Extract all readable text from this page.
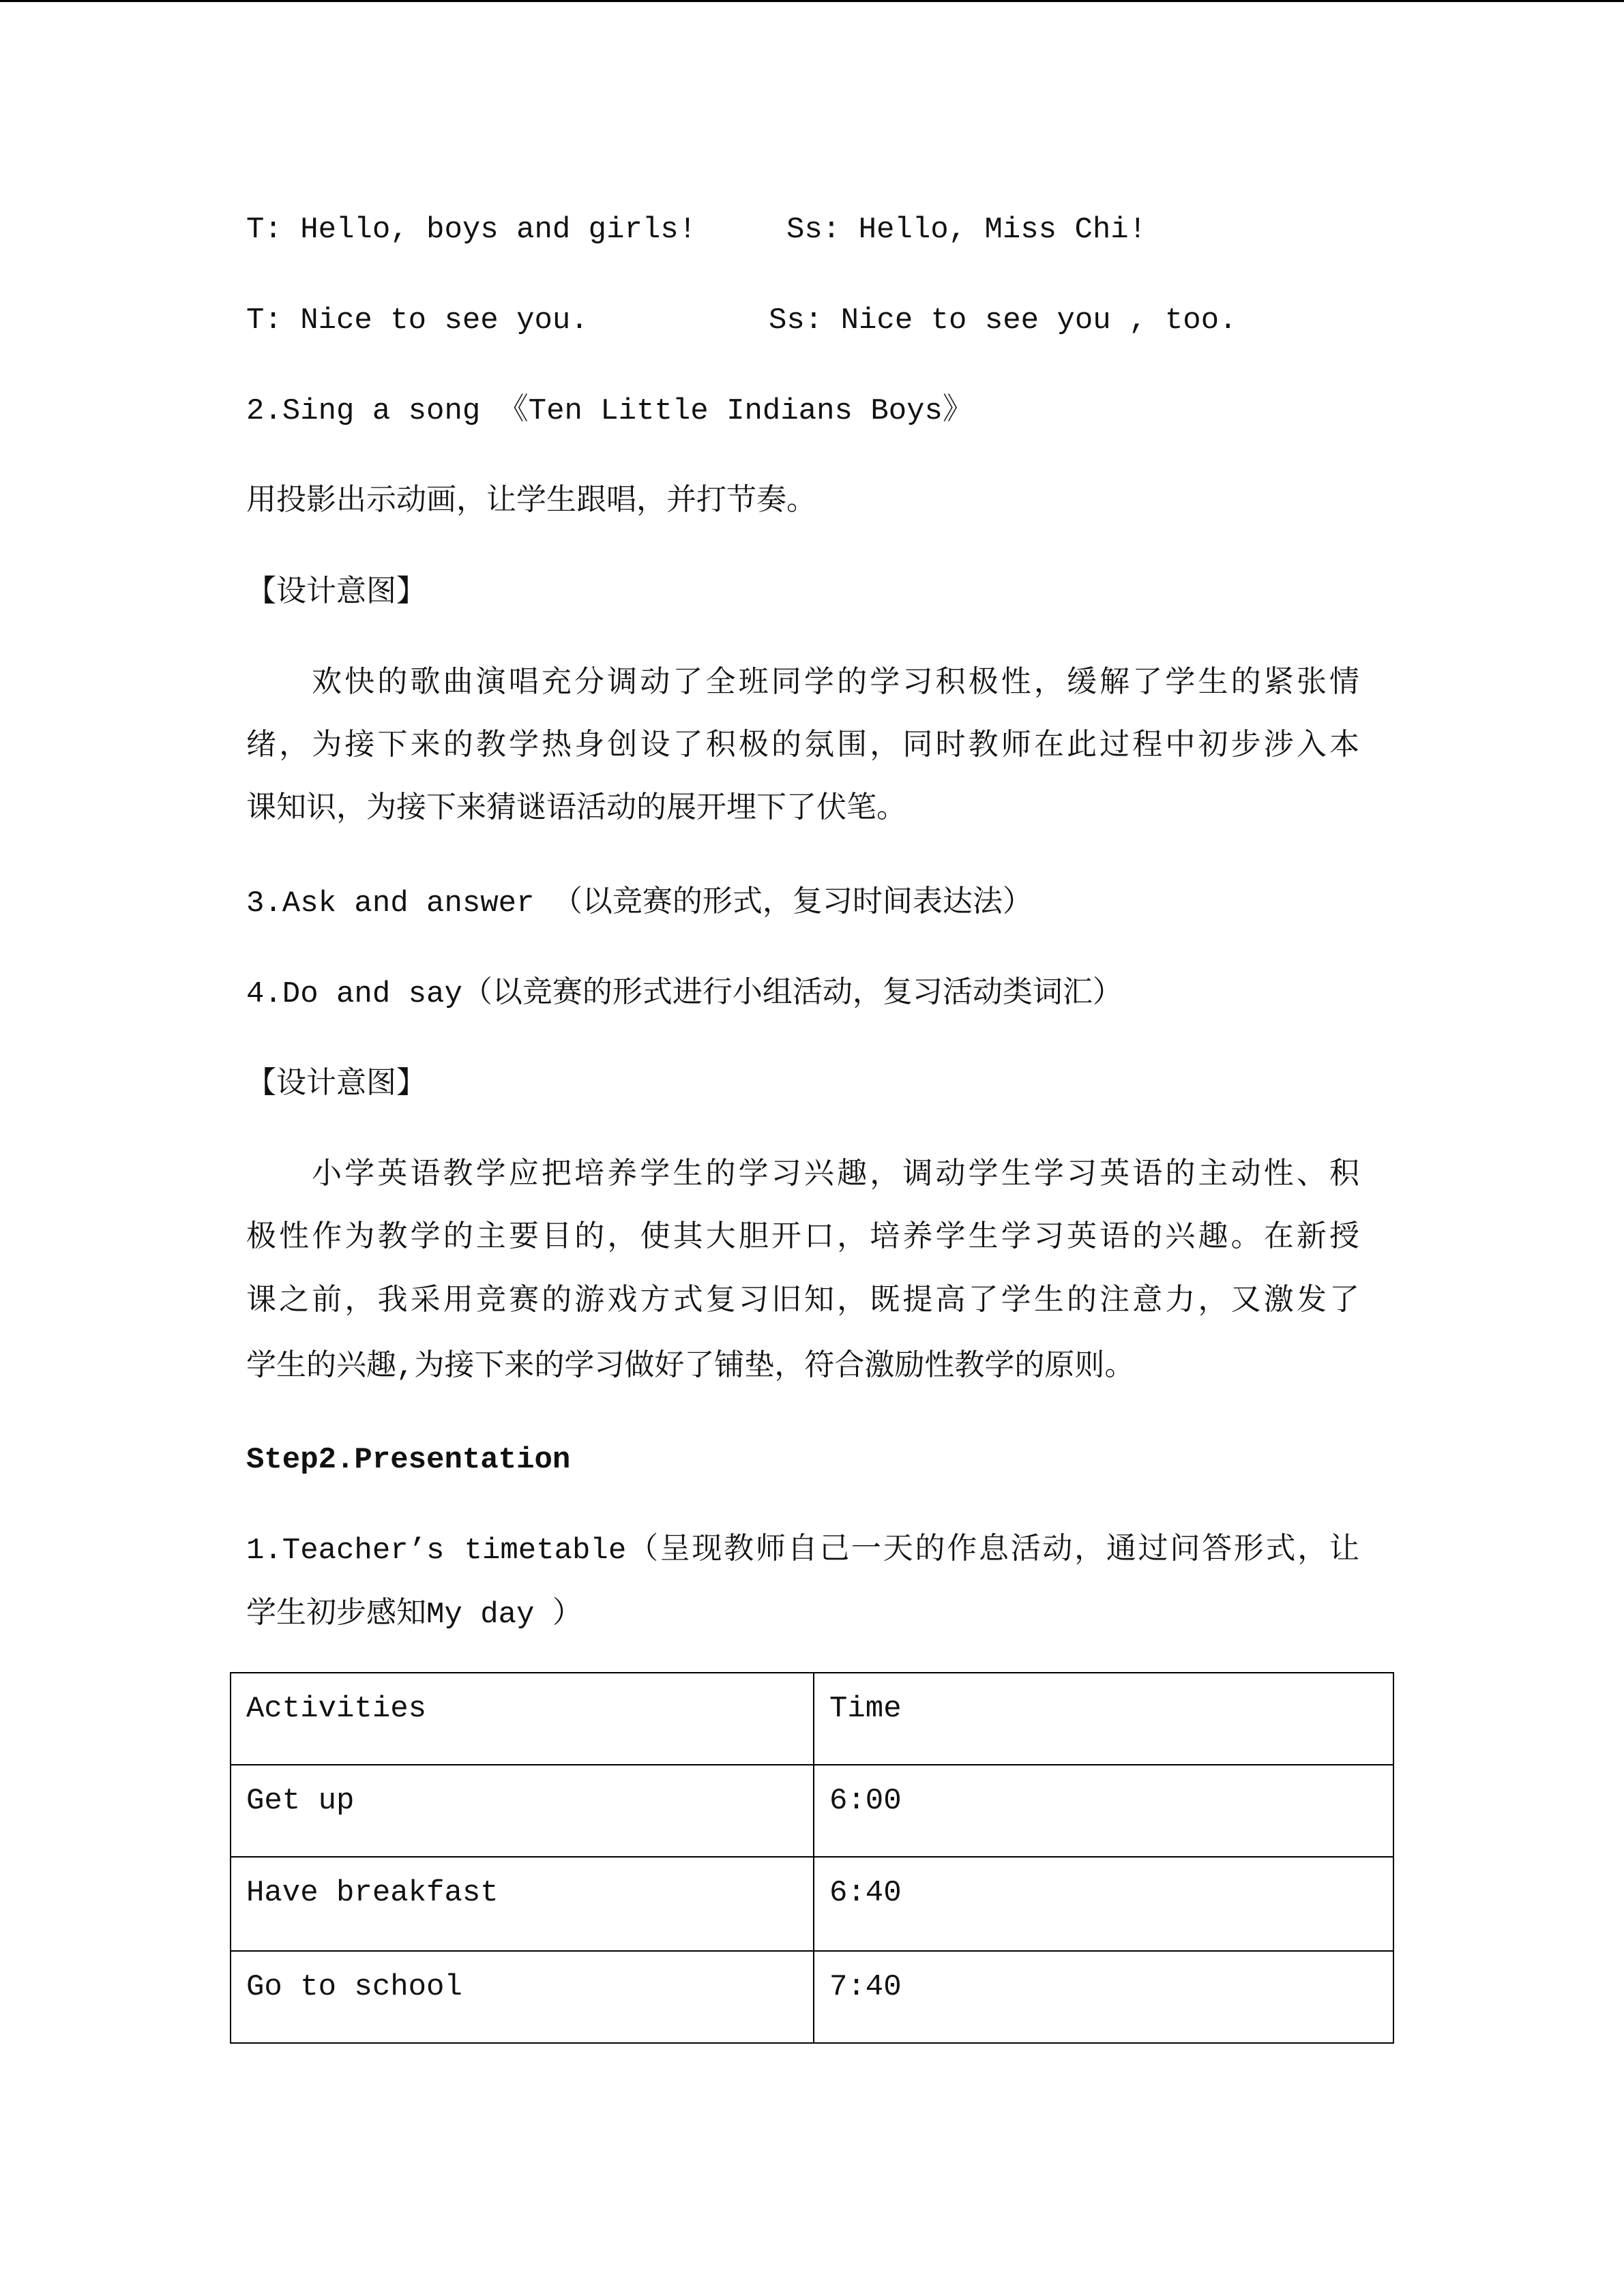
T: Hello, boys and girls!	Ss: Hello, Miss Chi!
T: Nice to see you.	Ss: Nice to see you , too.
2.Sing a song 《Ten Little Indians Boys》
用投影出示动画，让学生跟唱，并打节奏。
【设计意图】
欢快的歌曲演唱充分调动了全班同学的学习积极性，缓解了学生的紧张情
绪，为接下来的教学热身创设了积极的氛围，同时教师在此过程中初步涉入本
课知识，为接下来猜谜语活动的展开埋下了伏笔。
3.Ask and answer （以竞赛的形式，复习时间表达法）
4.Do and say（以竞赛的形式进行小组活动，复习活动类词汇）
【设计意图】
小学英语教学应把培养学生的学习兴趣，调动学生学习英语的主动性、积
极性作为教学的主要目的，使其大胆开口，培养学生学习英语的兴趣。在新授
课之前，我采用竞赛的游戏方式复习旧知，既提高了学生的注意力，又激发了
学生的兴趣,为接下来的学习做好了铺垫，符合激励性教学的原则。
Step2.Presentation
1.Teacher’s timetable（呈现教师自己一天的作息活动，通过问答形式，让
学生初步感知My day ）
Activities	Time
Get up	6:00
Have breakfast	6:40
Go to school	7:40
